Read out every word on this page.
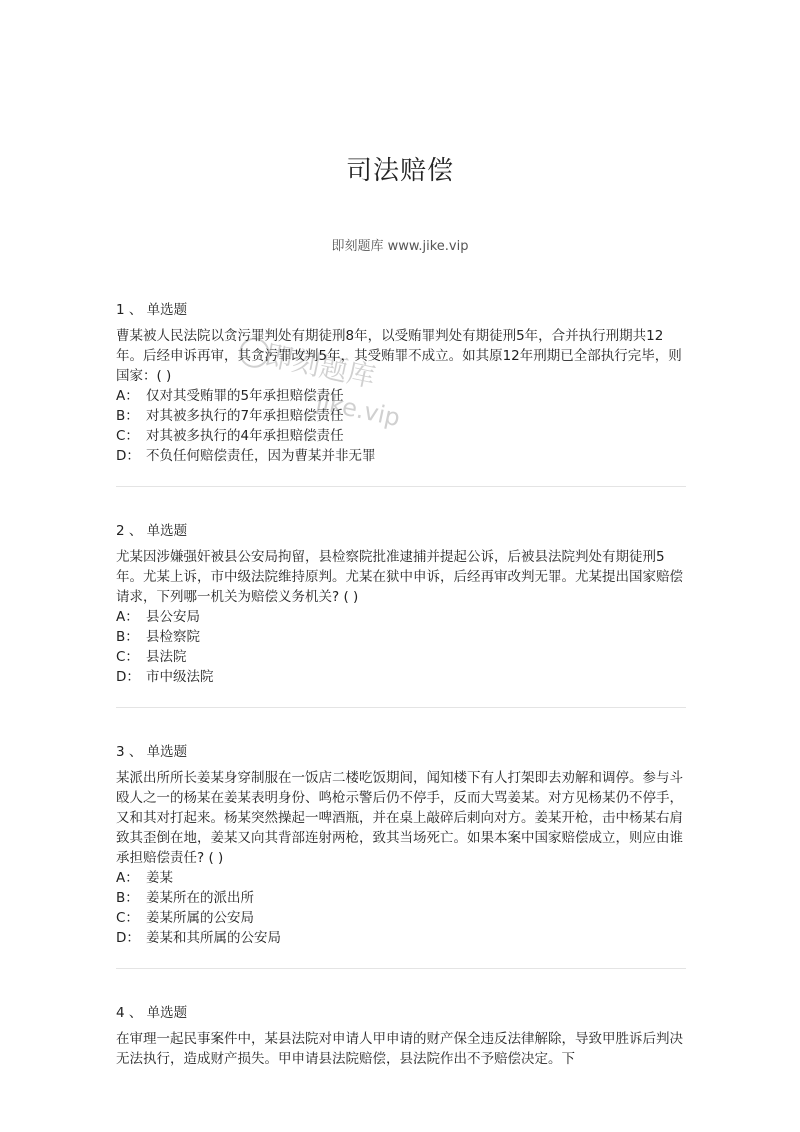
司法赔偿
即刻题库 www.jike.vip
即刻题库
jike.vip
1 、 单选题

曹某被人民法院以贪污罪判处有期徒刑8年，以受贿罪判处有期徒刑5年，合并执行刑期共12年。后经申诉再审，其贪污罪改判5年，其受贿罪不成立。如其原12年刑期已全部执行完毕，则国家：( )

A： 仅对其受贿罪的5年承担赔偿责任
B： 对其被多执行的7年承担赔偿责任
C： 对其被多执行的4年承担赔偿责任
D： 不负任何赔偿责任，因为曹某并非无罪
2 、 单选题

尤某因涉嫌强奸被县公安局拘留，县检察院批准逮捕并提起公诉，后被县法院判处有期徒刑5年。尤某上诉，市中级法院维持原判。尤某在狱中申诉，后经再审改判无罪。尤某提出国家赔偿请求，下列哪一机关为赔偿义务机关? ( )

A： 县公安局
B： 县检察院
C： 县法院
D： 市中级法院
3 、 单选题

某派出所所长姜某身穿制服在一饭店二楼吃饭期间，闻知楼下有人打架即去劝解和调停。参与斗殴人之一的杨某在姜某表明身份、鸣枪示警后仍不停手，反而大骂姜某。对方见杨某仍不停手，又和其对打起来。杨某突然操起一啤酒瓶，并在桌上敲碎后刺向对方。姜某开枪，击中杨某右肩致其歪倒在地，姜某又向其背部连射两枪，致其当场死亡。如果本案中国家赔偿成立，则应由谁承担赔偿责任? ( )

A： 姜某
B： 姜某所在的派出所
C： 姜某所属的公安局
D： 姜某和其所属的公安局
4 、 单选题

在审理一起民事案件中，某县法院对申请人甲申请的财产保全违反法律解除，导致甲胜诉后判决无法执行，造成财产损失。甲申请县法院赔偿，县法院作出不予赔偿决定。下
